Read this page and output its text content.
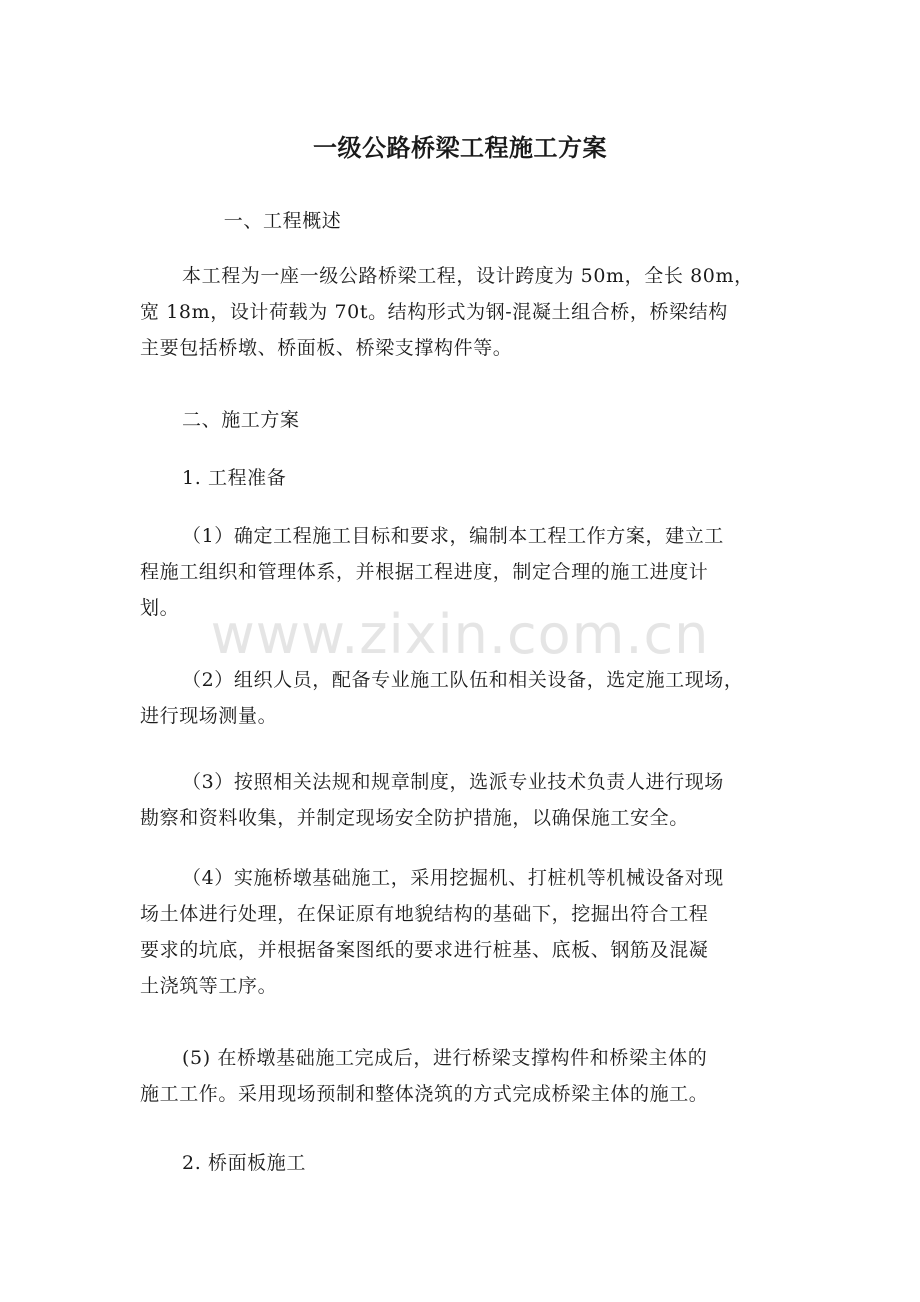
www.zixin.com.cn
一级公路桥梁工程施工方案
一、工程概述
本工程为一座一级公路桥梁工程，设计跨度为 50m，全长 80m，
宽 18m，设计荷载为 70t。结构形式为钢-混凝土组合桥，桥梁结构
主要包括桥墩、桥面板、桥梁支撑构件等。
二、施工方案
1. 工程准备
（1）确定工程施工目标和要求，编制本工程工作方案，建立工
程施工组织和管理体系，并根据工程进度，制定合理的施工进度计
划。
（2）组织人员，配备专业施工队伍和相关设备，选定施工现场，
进行现场测量。
（3）按照相关法规和规章制度，选派专业技术负责人进行现场
勘察和资料收集，并制定现场安全防护措施，以确保施工安全。
（4）实施桥墩基础施工，采用挖掘机、打桩机等机械设备对现
场土体进行处理，在保证原有地貌结构的基础下，挖掘出符合工程
要求的坑底，并根据备案图纸的要求进行桩基、底板、钢筋及混凝
土浇筑等工序。
(5) 在桥墩基础施工完成后，进行桥梁支撑构件和桥梁主体的
施工工作。采用现场预制和整体浇筑的方式完成桥梁主体的施工。
2. 桥面板施工
